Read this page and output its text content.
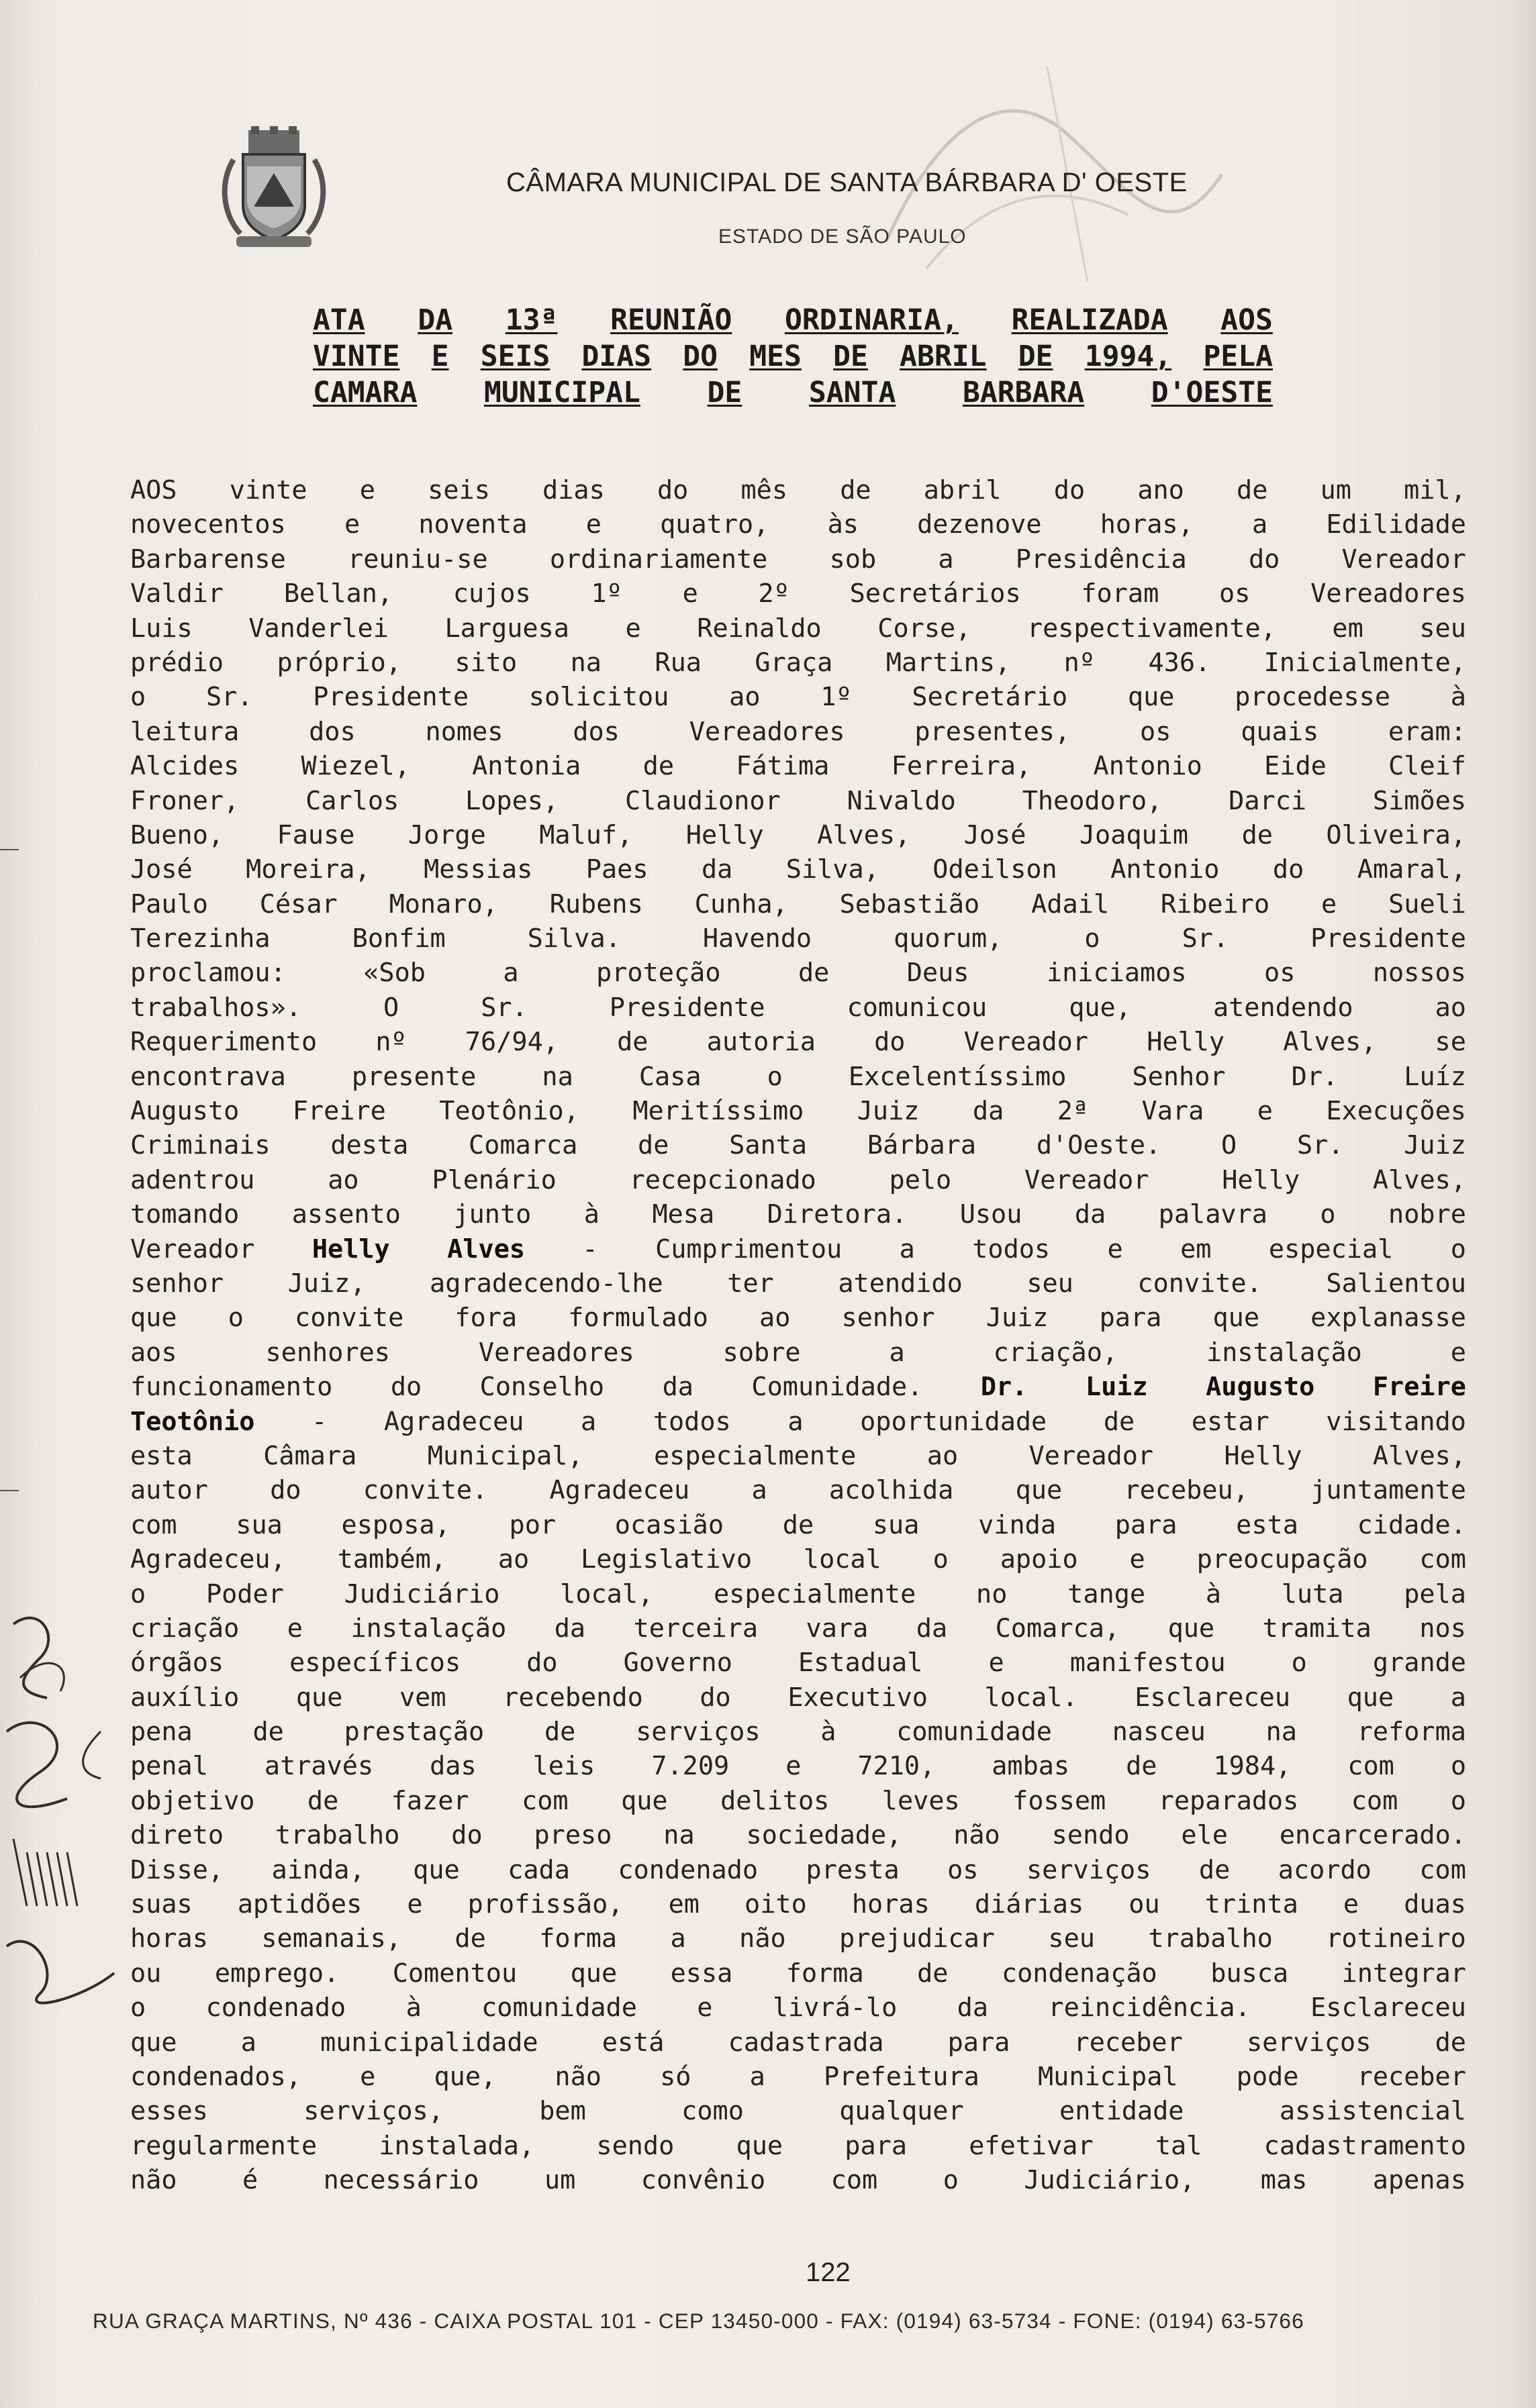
CÂMARA MUNICIPAL DE SANTA BÁRBARA D' OESTE
ESTADO DE SÃO PAULO
ATA DA 13ª REUNIÃO ORDINARIA, REALIZADA AOS
VINTE E SEIS DIAS DO MES DE ABRIL DE 1994, PELA
CAMARA MUNICIPAL DE SANTA BARBARA D'OESTE
AOS vinte e seis dias do mês de abril do ano de um mil,
novecentos e noventa e quatro, às dezenove horas, a Edilidade
Barbarense reuniu-se ordinariamente sob a Presidência do Vereador
Valdir Bellan, cujos 1º e 2º Secretários foram os Vereadores
Luis Vanderlei Larguesa e Reinaldo Corse, respectivamente, em seu
prédio próprio, sito na Rua Graça Martins, nº 436. Inicialmente,
o Sr. Presidente solicitou ao 1º Secretário que procedesse à
leitura	dos	nomes	dos	Vereadores	presentes,	os	quais	eram:
Alcides Wiezel, Antonia de Fátima Ferreira, Antonio Eide Cleif
Froner,	Carlos	Lopes,	Claudionor	Nivaldo	Theodoro,	Darci	Simões
Bueno, Fause Jorge Maluf, Helly Alves, José Joaquim de Oliveira,
José Moreira, Messias Paes da Silva, Odeilson Antonio do Amaral,
Paulo César Monaro, Rubens Cunha, Sebastião Adail Ribeiro e Sueli
Terezinha	Bonfim	Silva.	Havendo	quorum,	o	Sr.	Presidente
proclamou:	«Sob	a	proteção	de	Deus	iniciamos	os	nossos
trabalhos».	O	Sr.	Presidente	comunicou	que,	atendendo	ao
Requerimento nº 76/94, de autoria do Vereador Helly Alves, se
encontrava	presente	na	Casa	o	Excelentíssimo	Senhor	Dr.	Luíz
Augusto Freire Teotônio, Meritíssimo Juiz da 2ª Vara e Execuções
Criminais desta Comarca de Santa Bárbara d'Oeste. O Sr. Juiz
adentrou	ao	Plenário	recepcionado	pelo	Vereador	Helly	Alves,
tomando assento junto à Mesa Diretora. Usou da palavra o nobre
Vereador Helly Alves - Cumprimentou a todos e em especial o
senhor Juiz, agradecendo-lhe ter atendido seu convite. Salientou
que o convite fora formulado ao senhor Juiz para que explanasse
aos	senhores	Vereadores	sobre	a	criação,	instalação	e
funcionamento do Conselho da Comunidade. Dr. Luiz Augusto Freire
Teotônio - Agradeceu a todos a oportunidade de estar visitando
esta	Câmara	Municipal,	especialmente	ao	Vereador	Helly	Alves,
autor do convite. Agradeceu a acolhida que recebeu, juntamente
com sua esposa, por ocasião de sua vinda para esta cidade.
Agradeceu, também, ao Legislativo local o apoio e preocupação com
o Poder Judiciário local, especialmente no tange à luta pela
criação e instalação da terceira vara da Comarca, que tramita nos
órgãos	específicos	do	Governo	Estadual	e	manifestou	o	grande
auxílio que vem recebendo do Executivo local. Esclareceu que a
pena de prestação de serviços à comunidade nasceu na reforma
penal através das leis 7.209 e 7210, ambas de 1984, com o
objetivo de fazer com que delitos leves fossem reparados com o
direto trabalho do preso na sociedade, não sendo ele encarcerado.
Disse, ainda, que cada condenado presta os serviços de acordo com
suas aptidões e profissão, em oito horas diárias ou trinta e duas
horas semanais, de forma a não prejudicar seu trabalho rotineiro
ou emprego. Comentou que essa forma de condenação busca integrar
o condenado à comunidade e livrá-lo da reincidência. Esclareceu
que a municipalidade está cadastrada para receber serviços de
condenados, e que, não só a Prefeitura Municipal pode receber
esses	serviços,	bem	como	qualquer	entidade	assistencial
regularmente instalada, sendo que para efetivar tal cadastramento
não	é	necessário	um	convênio	com	o	Judiciário,	mas	apenas
122
RUA GRAÇA MARTINS, Nº 436 - CAIXA POSTAL 101 - CEP 13450-000 - FAX: (0194) 63-5734 - FONE: (0194) 63-5766
